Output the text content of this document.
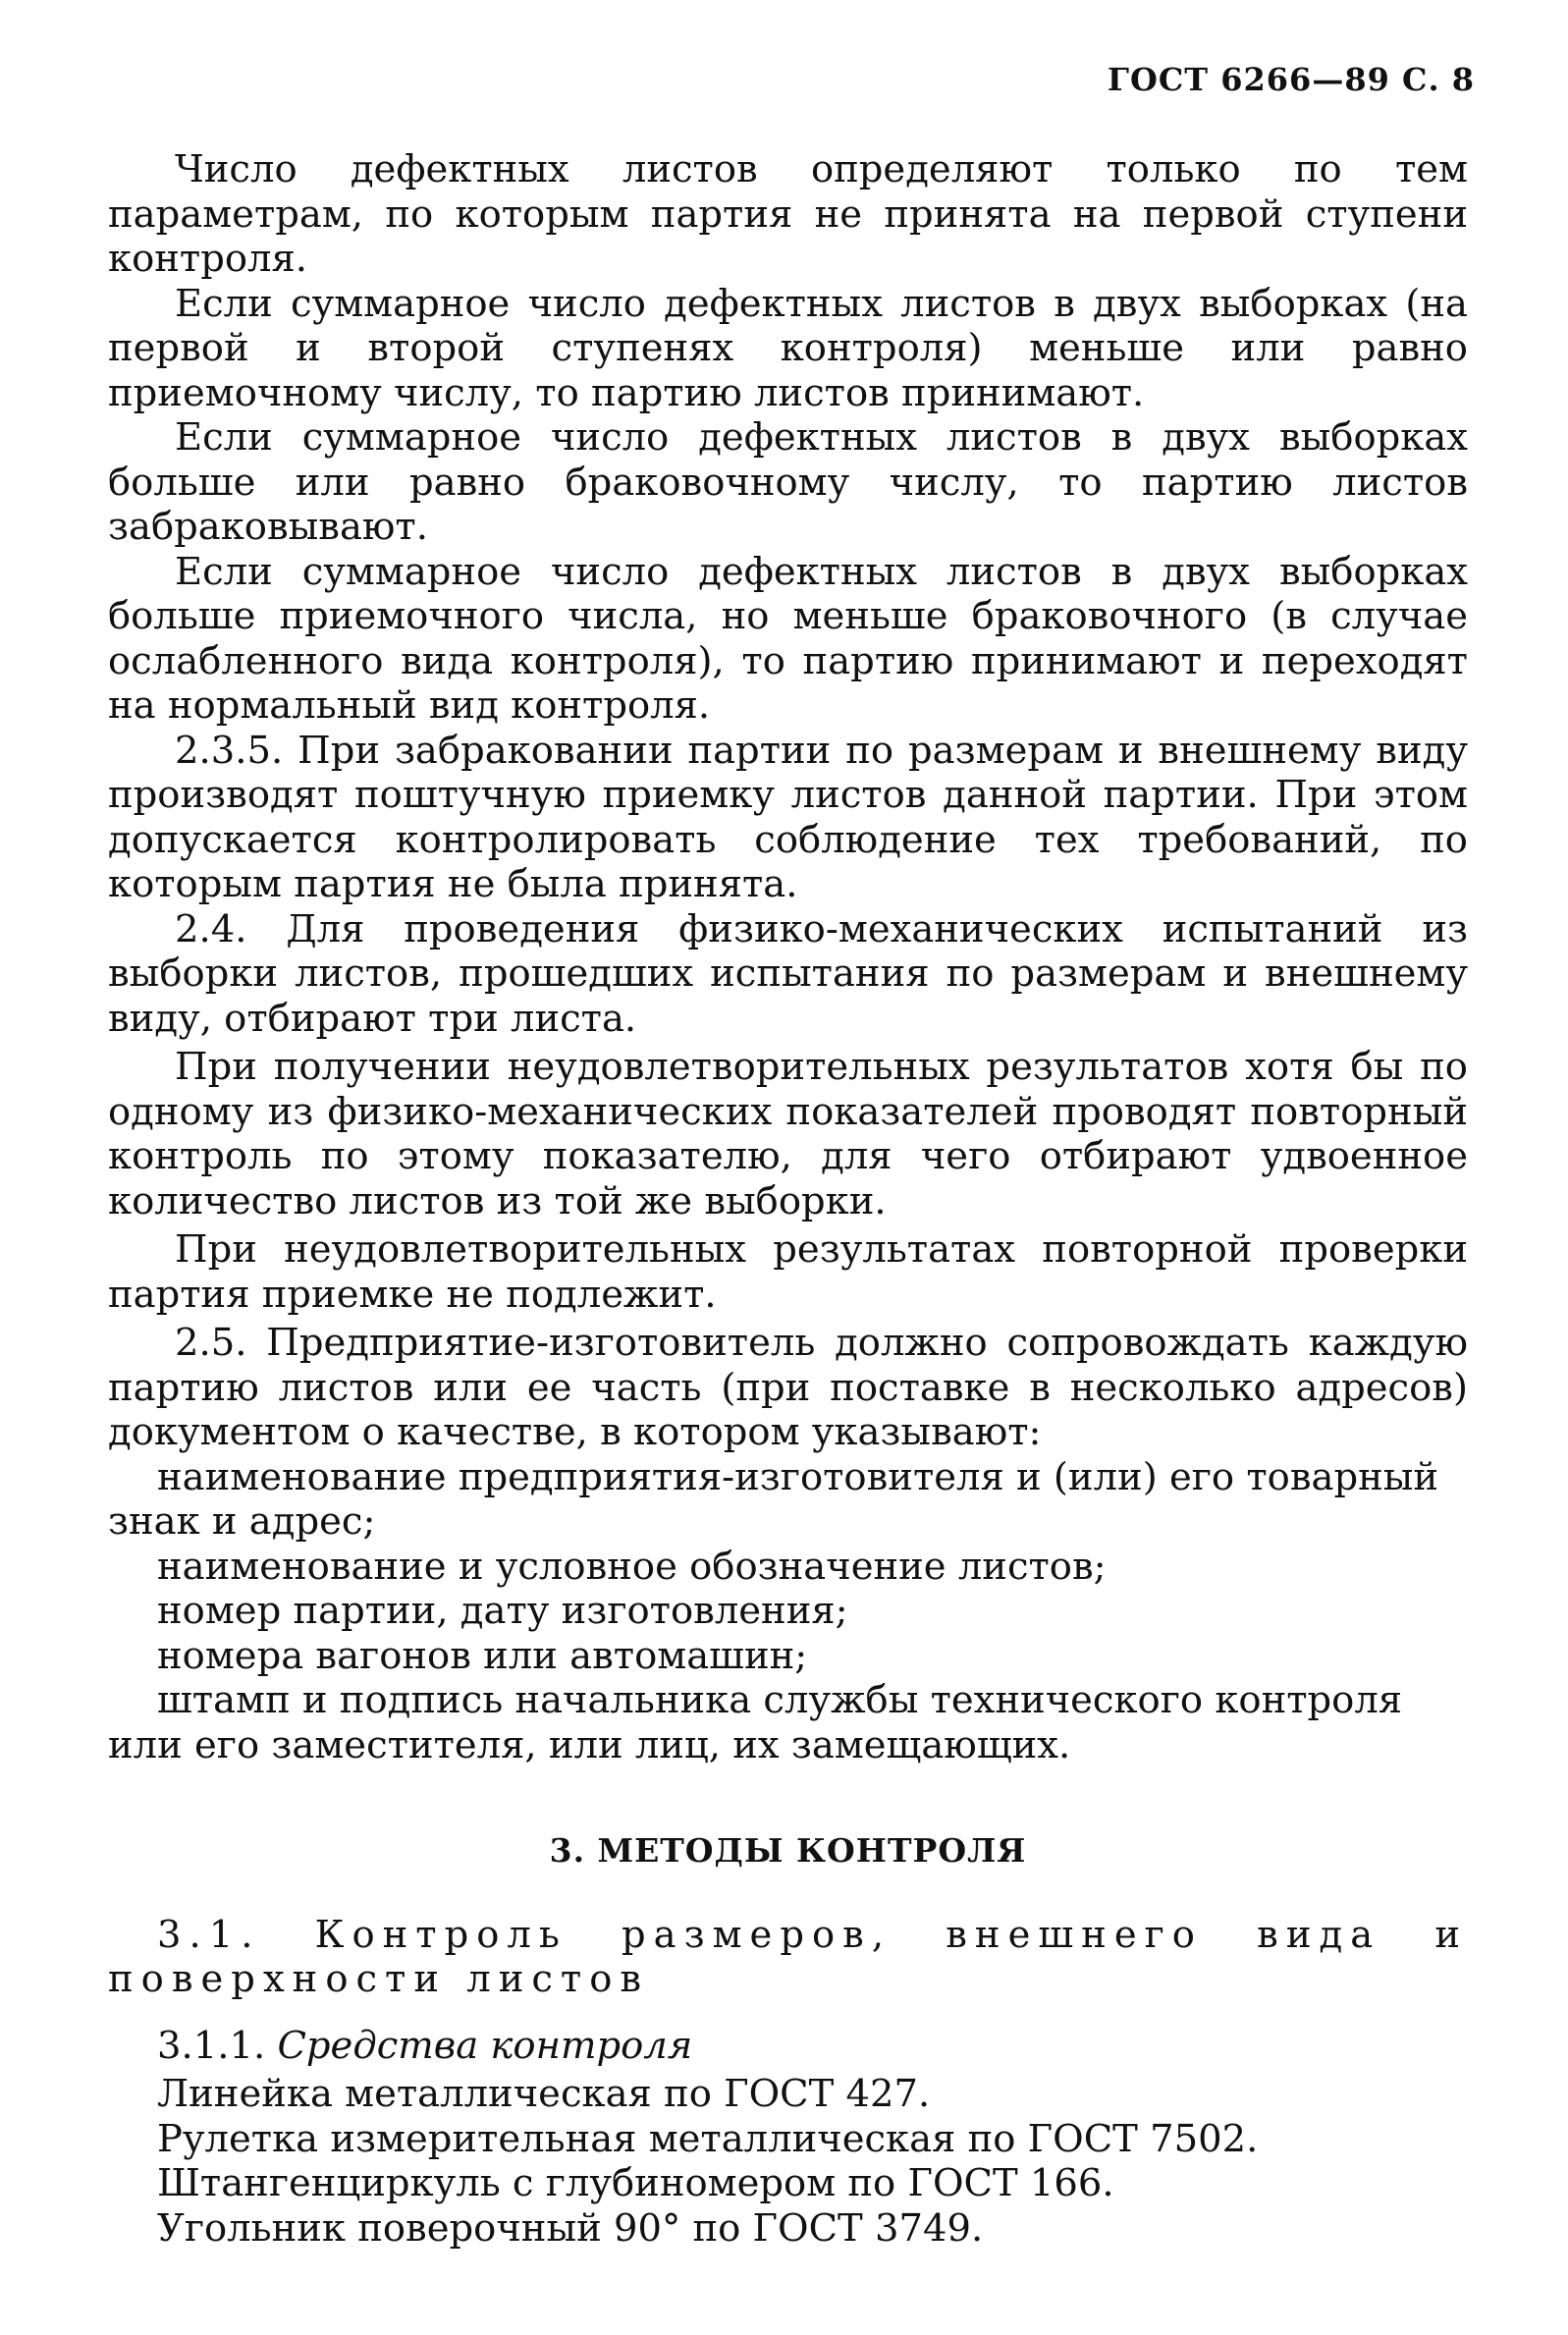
ГОСТ 6266—89 С. 8

Число дефектных листов определяют только по тем параметрам, по которым партия не принята на первой ступени контроля.

Если суммарное число дефектных листов в двух выборках (на первой и второй ступенях контроля) меньше или равно приемочному числу, то партию листов принимают.

Если суммарное число дефектных листов в двух выборках больше или равно браковочному числу, то партию листов забраковывают.

Если суммарное число дефектных листов в двух выборках больше приемочного числа, но меньше браковочного (в случае ослабленного вида контроля), то партию принимают и переходят на нормальный вид контроля.

2.3.5. При забраковании партии по размерам и внешнему виду производят поштучную приемку листов данной партии. При этом допускается контролировать соблюдение тех требований, по которым партия не была принята.

2.4. Для проведения физико-механических испытаний из выборки листов, прошедших испытания по размерам и внешнему виду, отбирают три листа.

При получении неудовлетворительных результатов хотя бы по одному из физико-механических показателей проводят повторный контроль по этому показателю, для чего отбирают удвоенное количество листов из той же выборки.

При неудовлетворительных результатах повторной проверки партия приемке не подлежит.

2.5. Предприятие-изготовитель должно сопровождать каждую партию листов или ее часть (при поставке в несколько адресов) документом о качестве, в котором указывают:

наименование предприятия-изготовителя и (или) его товарный знак и адрес;

наименование и условное обозначение листов;

номер партии, дату изготовления;

номера вагонов или автомашин;

штамп и подпись начальника службы технического контроля или его заместителя, или лиц, их замещающих.

3. МЕТОДЫ КОНТРОЛЯ

3.1. Контроль размеров, внешнего вида и поверхности листов

3.1.1. Средства контроля

Линейка металлическая по ГОСТ 427.

Рулетка измерительная металлическая по ГОСТ 7502.

Штангенциркуль с глубиномером по ГОСТ 166.

Угольник поверочный 90° по ГОСТ 3749.
